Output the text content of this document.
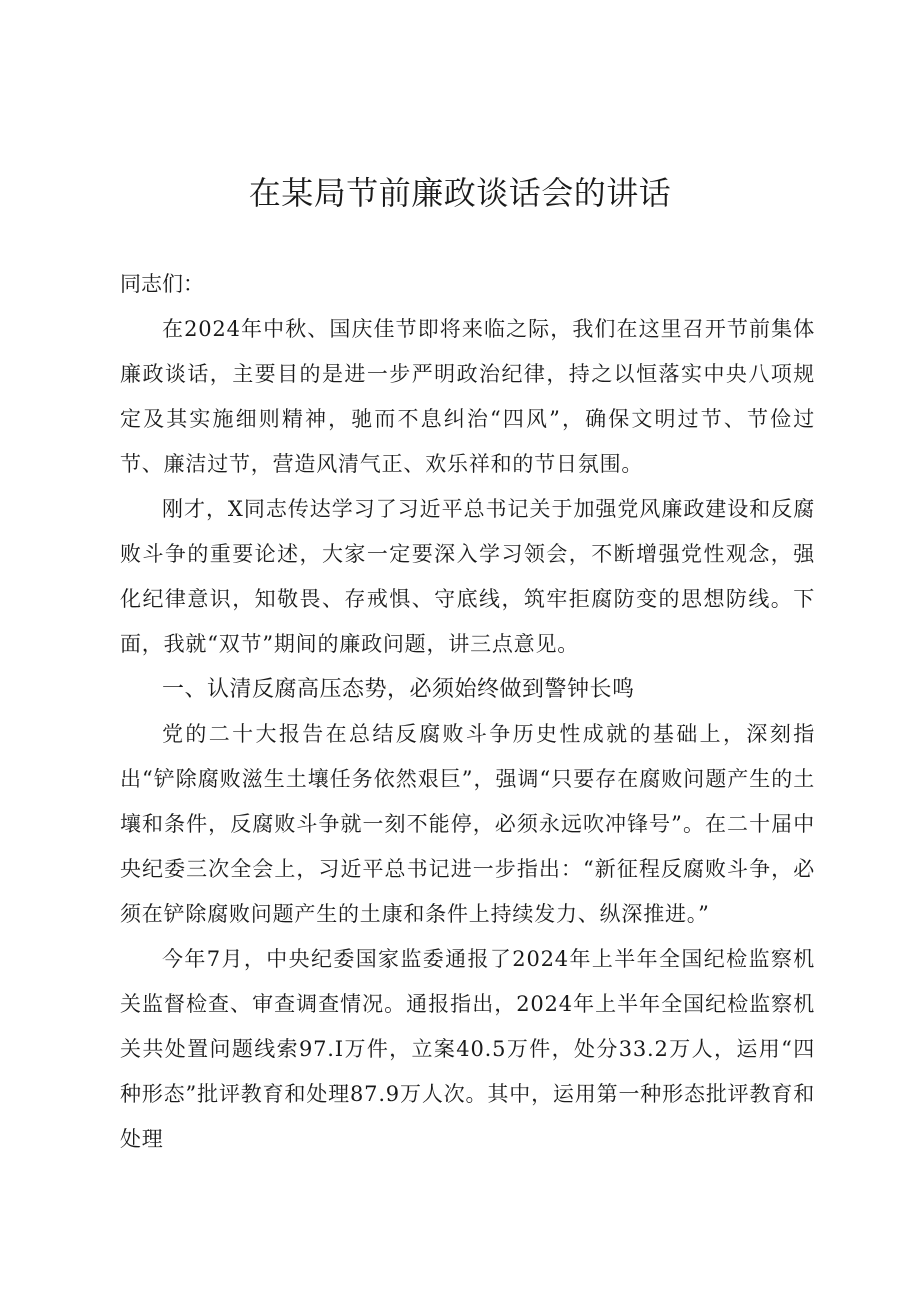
在某局节前廉政谈话会的讲话

同志们：

在2024年中秋、国庆佳节即将来临之际，我们在这里召开节前集体廉政谈话，主要目的是进一步严明政治纪律，持之以恒落实中央八项规定及其实施细则精神，驰而不息纠治“四风”，确保文明过节、节俭过节、廉洁过节，营造风清气正、欢乐祥和的节日氛围。

刚才，X同志传达学习了习近平总书记关于加强党风廉政建设和反腐败斗争的重要论述，大家一定要深入学习领会，不断增强党性观念，强化纪律意识，知敬畏、存戒惧、守底线，筑牢拒腐防变的思想防线。下面，我就“双节”期间的廉政问题，讲三点意见。

一、认清反腐高压态势，必须始终做到警钟长鸣

党的二十大报告在总结反腐败斗争历史性成就的基础上，深刻指出“铲除腐败滋生土壤任务依然艰巨”，强调“只要存在腐败问题产生的土壤和条件，反腐败斗争就一刻不能停，必须永远吹冲锋号”。在二十届中央纪委三次全会上，习近平总书记进一步指出：“新征程反腐败斗争，必须在铲除腐败问题产生的土康和条件上持续发力、纵深推进。”

今年7月，中央纪委国家监委通报了2024年上半年全国纪检监察机关监督检查、审查调查情况。通报指出，2024年上半年全国纪检监察机关共处置问题线索97.I万件，立案40.5万件，处分33.2万人，运用“四种形态”批评教育和处理87.9万人次。其中，运用第一种形态批评教育和处理
